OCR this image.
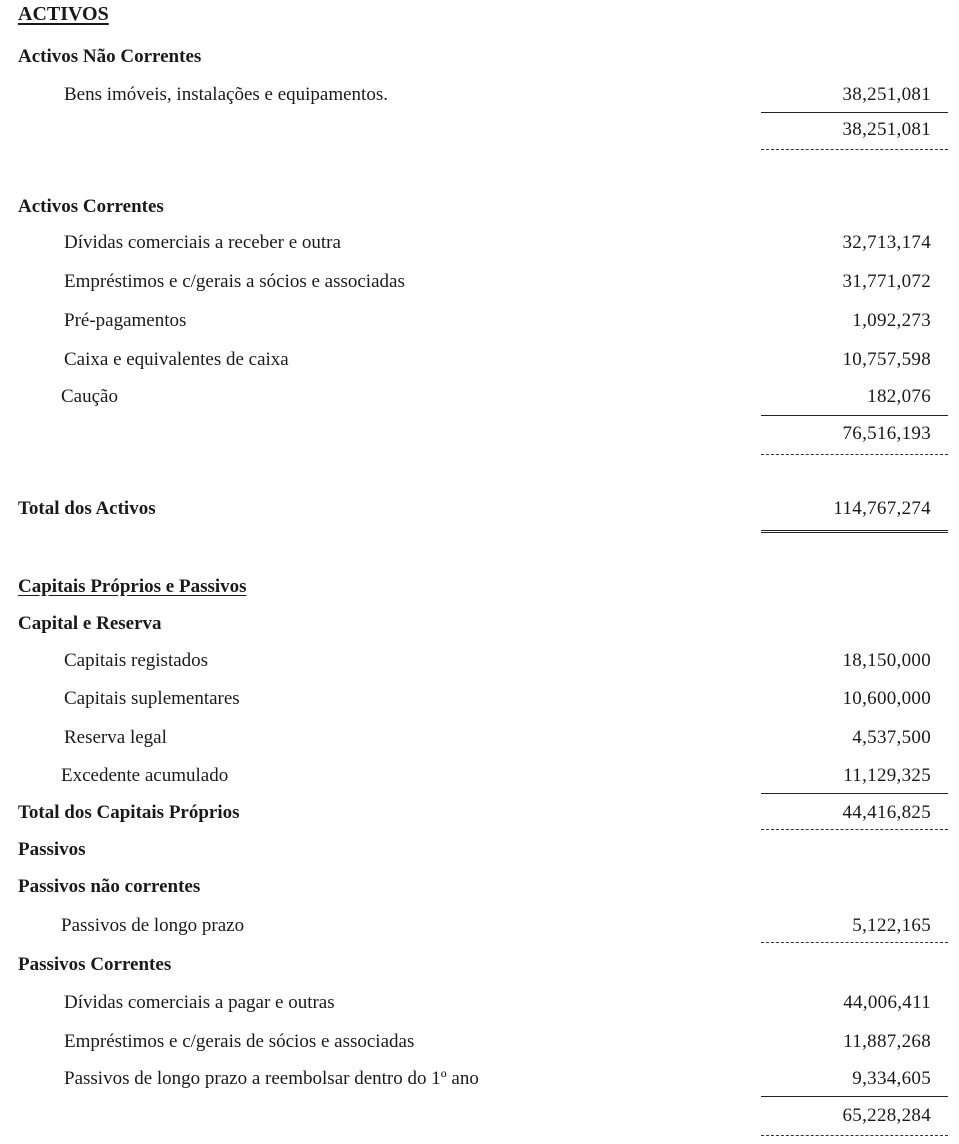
ACTIVOS
Activos Não Correntes
Bens imóveis, instalações e equipamentos.	38,251,081
38,251,081
Activos Correntes
Dívidas comerciais a receber e outra	32,713,174
Empréstimos e c/gerais a sócios e associadas	31,771,072
Pré-pagamentos	1,092,273
Caixa e equivalentes de caixa	10,757,598
Caução	182,076
76,516,193
Total dos Activos	114,767,274
Capitais Próprios e Passivos
Capital e Reserva
Capitais registados	18,150,000
Capitais suplementares	10,600,000
Reserva legal	4,537,500
Excedente acumulado	11,129,325
Total dos Capitais Próprios	44,416,825
Passivos
Passivos não correntes
Passivos de longo prazo	5,122,165
Passivos Correntes
Dívidas comerciais a pagar e outras	44,006,411
Empréstimos e c/gerais de sócios e associadas	11,887,268
Passivos de longo prazo a reembolsar dentro do 1º ano	9,334,605
65,228,284
